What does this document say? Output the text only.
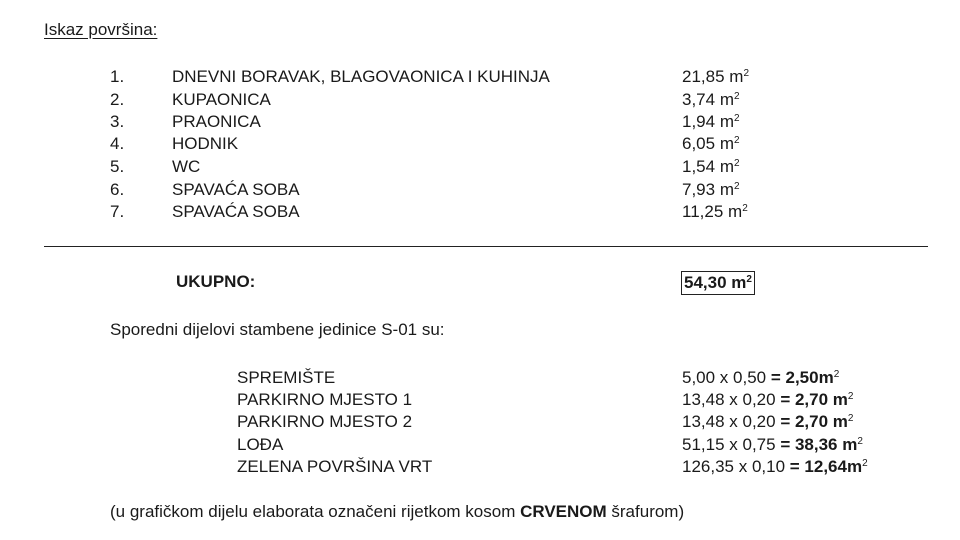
Iskaz površina:
1.	DNEVNI BORAVAK, BLAGOVAONICA I KUHINJA	21,85 $m^2$
2.	KUPAONICA	3,74 $m^2$
3.	PRAONICA	1,94 $m^2$
4.	HODNIK	6,05 $m^2$
5.	WC	1,54 $m^2$
6.	SPAVAĆA SOBA	7,93 $m^2$
7.	SPAVAĆA SOBA	11,25 $m^2$
UKUPNO:	54,30 $m^2$
Sporedni dijelovi stambene jedinice S-01 su:
SPREMIŠTE	5,00 x $0,50 = 2,50m^2$
PARKIRNO MJESTO 1	13,48 x 0,20 = 2,70 $m^2$
PARKIRNO MJESTO 2	13,48 x 0,20 = 2,70 $m^2$
LOĐA	51,15 x 0,75 = 38,36 $m^2$
ZELENA POVRŠINA VRT	126,35 x $0,10 = 12,64m^2$
(u grafičkom dijelu elaborata označeni rijetkom kosom CRVENOM šrafurom)
